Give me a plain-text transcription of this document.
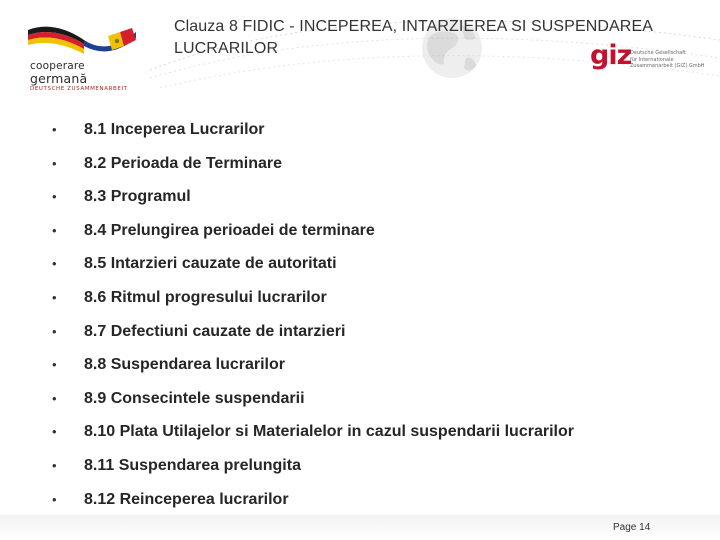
cooperare
germană
DEUTSCHE ZUSAMMENARBEIT
Clauza 8 FIDIC - INCEPEREA, INTARZIEREA SI SUSPENDAREA LUCRARILOR	giz
Deutsche Gesellschaft
für Internationale
Zusammenarbeit (GIZ) GmbH
• 8.1 Inceperea Lucrarilor
• 8.2 Perioada de Terminare
• 8.3 Programul
• 8.4 Prelungirea perioadei de terminare
• 8.5 Intarzieri cauzate de autoritati
• 8.6 Ritmul progresului lucrarilor
• 8.7 Defectiuni cauzate de intarzieri
• 8.8 Suspendarea lucrarilor
• 8.9 Consecintele suspendarii
• 8.10 Plata Utilajelor si Materialelor in cazul suspendarii lucrarilor
• 8.11 Suspendarea prelungita
• 8.12 Reinceperea lucrarilor
Page 14
